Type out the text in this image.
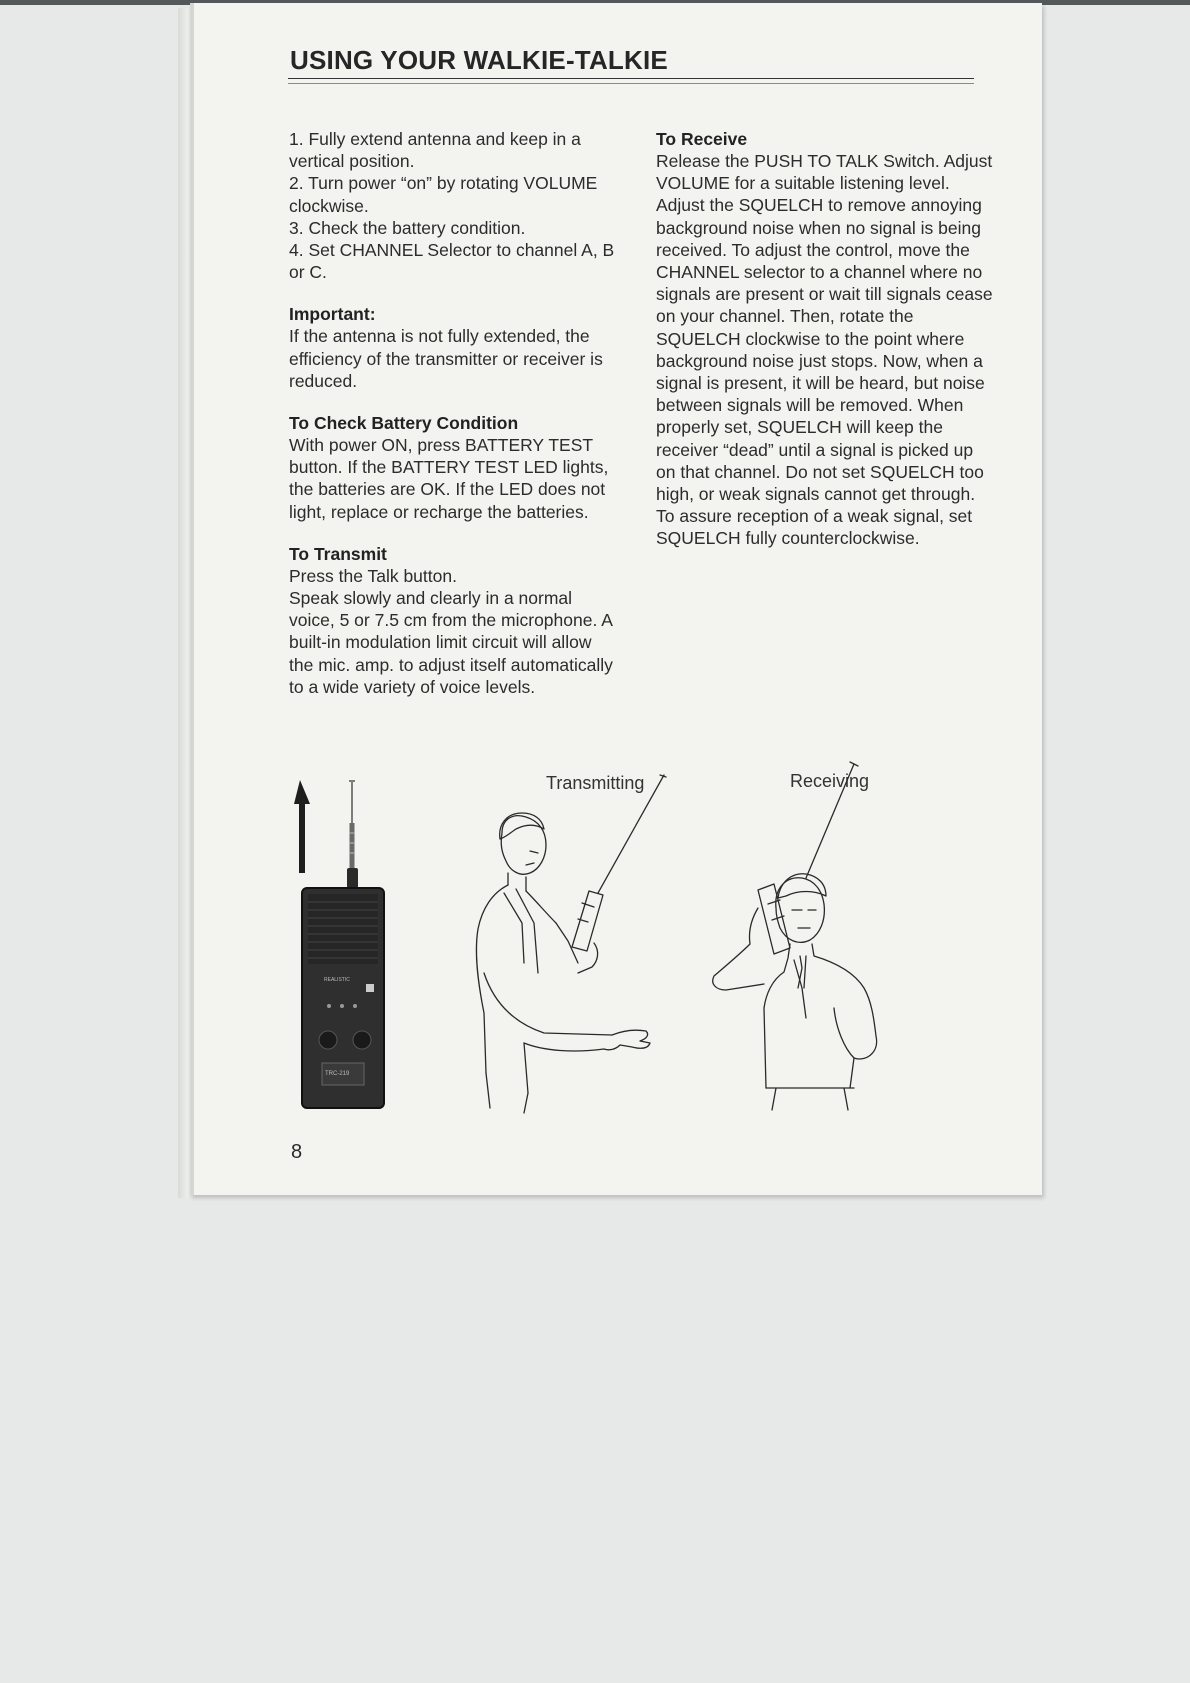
USING YOUR WALKIE-TALKIE

1. Fully extend antenna and keep in a vertical position.

2. Turn power “on” by rotating VOLUME clockwise.

3. Check the battery condition.

4. Set CHANNEL Selector to channel A, B or C.

Important:

If the antenna is not fully extended, the efficiency of the transmitter or receiver is reduced.

To Check Battery Condition

With power ON, press BATTERY TEST button. If the BATTERY TEST LED lights, the batteries are OK. If the LED does not light, replace or recharge the batteries.

To Transmit

Press the Talk button.

Speak slowly and clearly in a normal voice, 5 or 7.5 cm from the microphone. A built-in modulation limit circuit will allow the mic. amp. to adjust itself automatically to a wide variety of voice levels.

To Receive

Release the PUSH TO TALK Switch. Adjust VOLUME for a suitable listening level.

Adjust the SQUELCH to remove annoying background noise when no signal is being received. To adjust the control, move the CHANNEL selector to a channel where no signals are present or wait till signals cease on your channel. Then, rotate the SQUELCH clockwise to the point where background noise just stops. Now, when a signal is present, it will be heard, but noise between signals will be removed. When properly set, SQUELCH will keep the receiver “dead” until a signal is picked up on that channel. Do not set SQUELCH too high, or weak signals cannot get through. To assure reception of a weak signal, set SQUELCH fully counterclockwise.

REALISTIC
TRC-219
Transmitting	Receiving
8
